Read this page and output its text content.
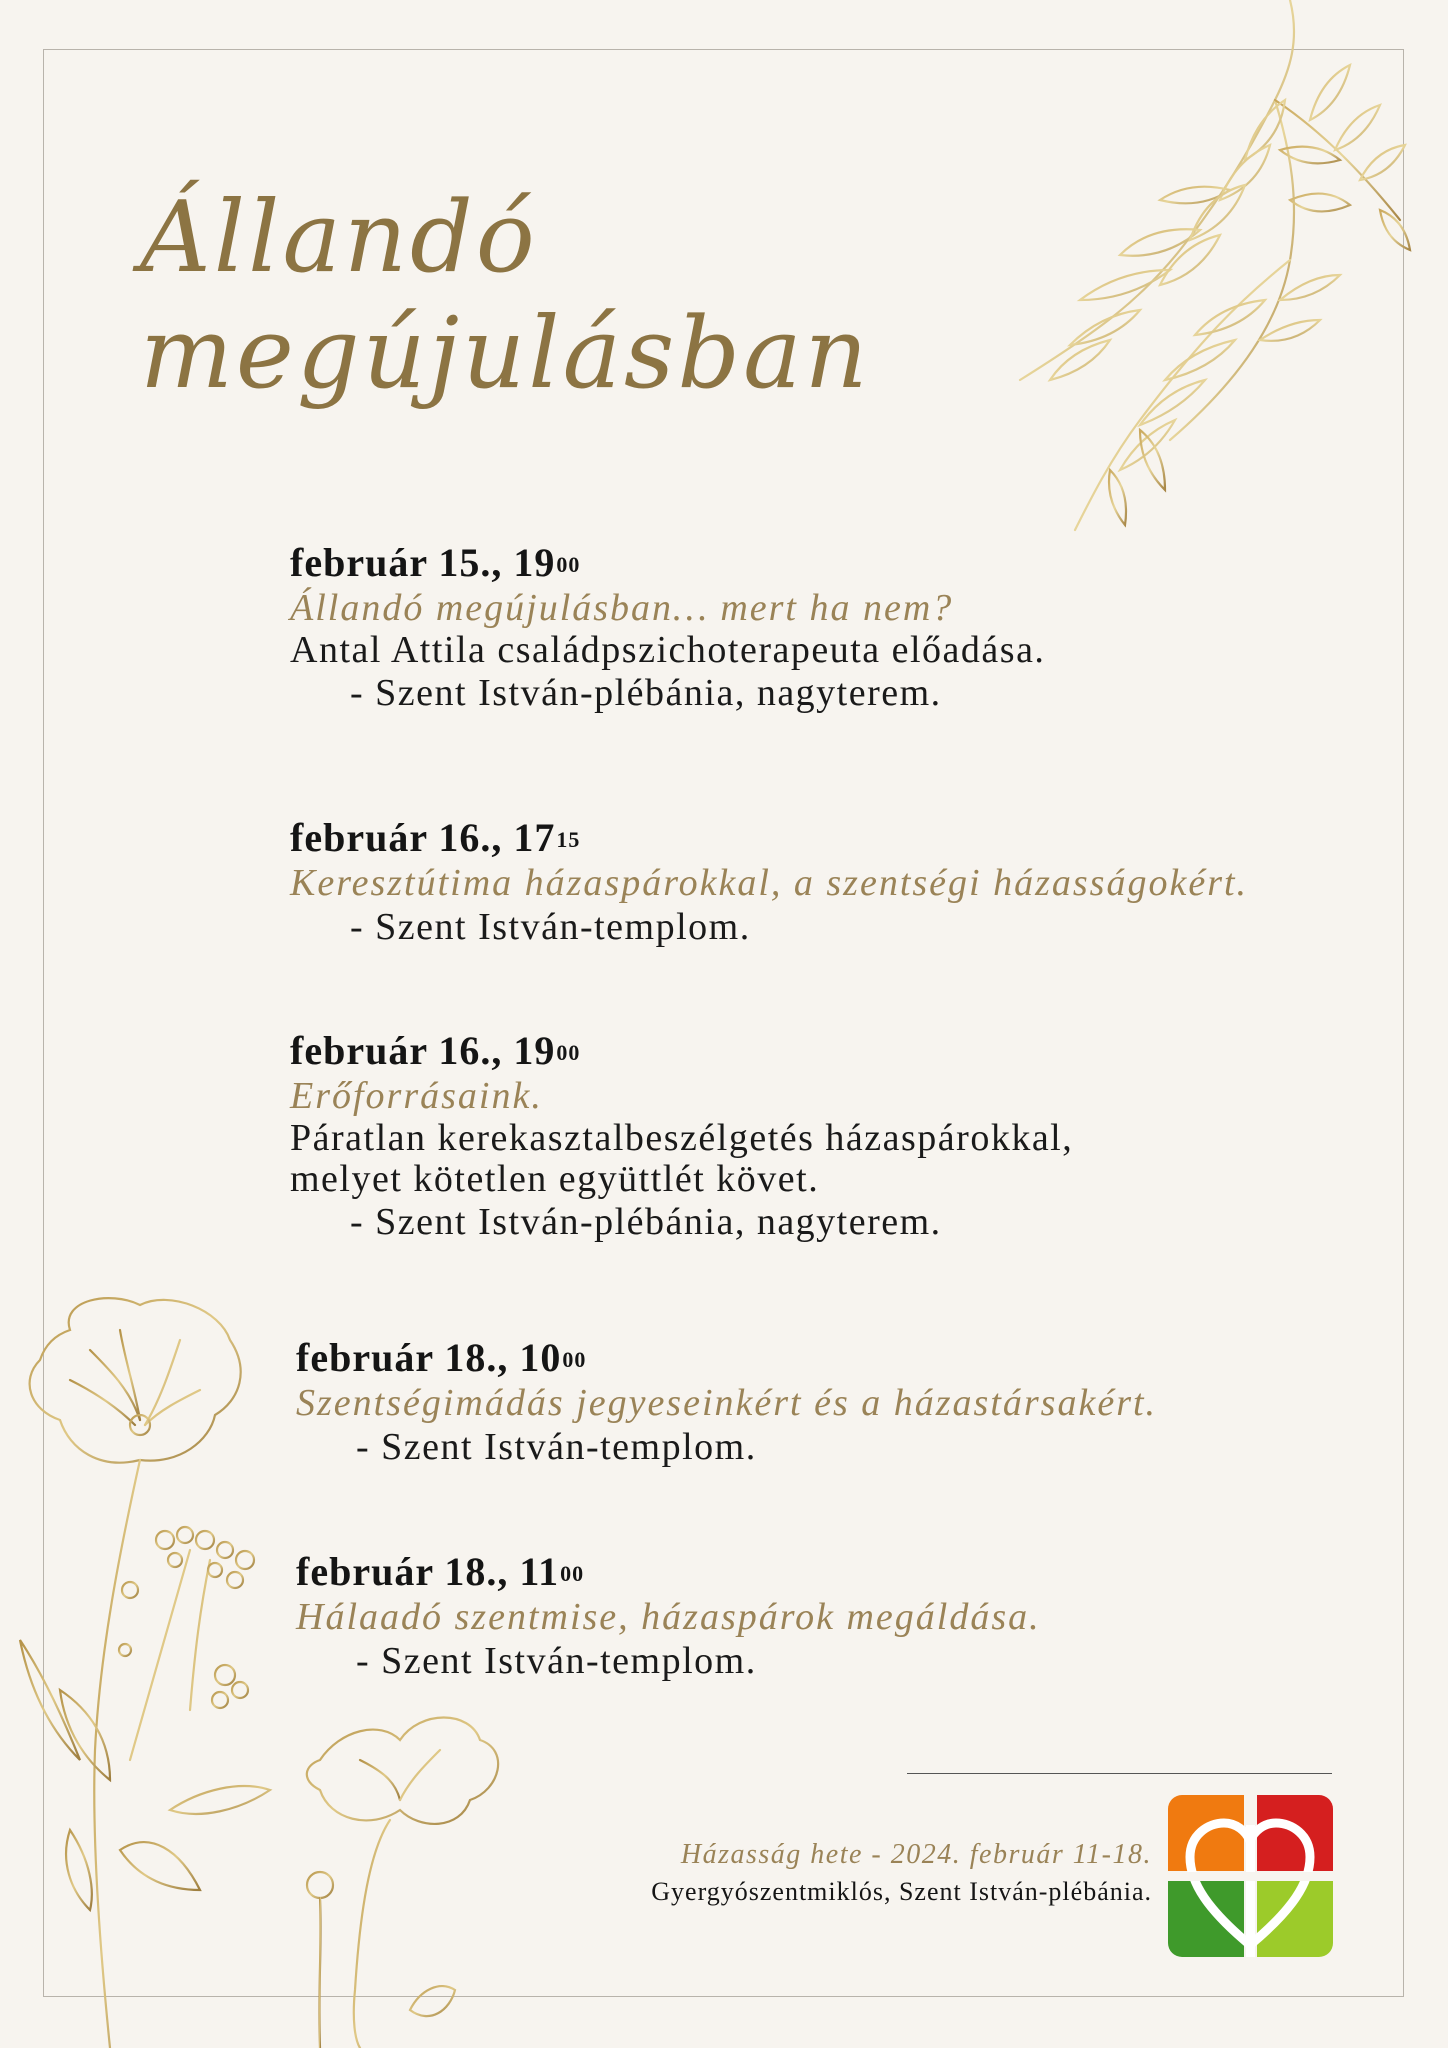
Állandó
megújulásban
február 15., $19^{00}$
Állandó megújulásban… mert ha nem?
Antal Attila családpszichoterapeuta előadása.
- Szent István-plébánia, nagyterem.
február 16., $17^{15}$
Keresztútima házaspárokkal, a szentségi házasságokért.
- Szent István-templom.
február 16., $19^{00}$
Erőforrásaink.
Páratlan kerekasztalbeszélgetés házaspárokkal,
melyet kötetlen együttlét követ.
- Szent István-plébánia, nagyterem.
február 18., $10^{00}$
Szentségimádás jegyeseinkért és a házastársakért.
- Szent István-templom.
február 18., $11^{00}$
Hálaadó szentmise, házaspárok megáldása.
- Szent István-templom.
Házasság hete - 2024. február 11-18.
Gyergyószentmiklós, Szent István-plébánia.
